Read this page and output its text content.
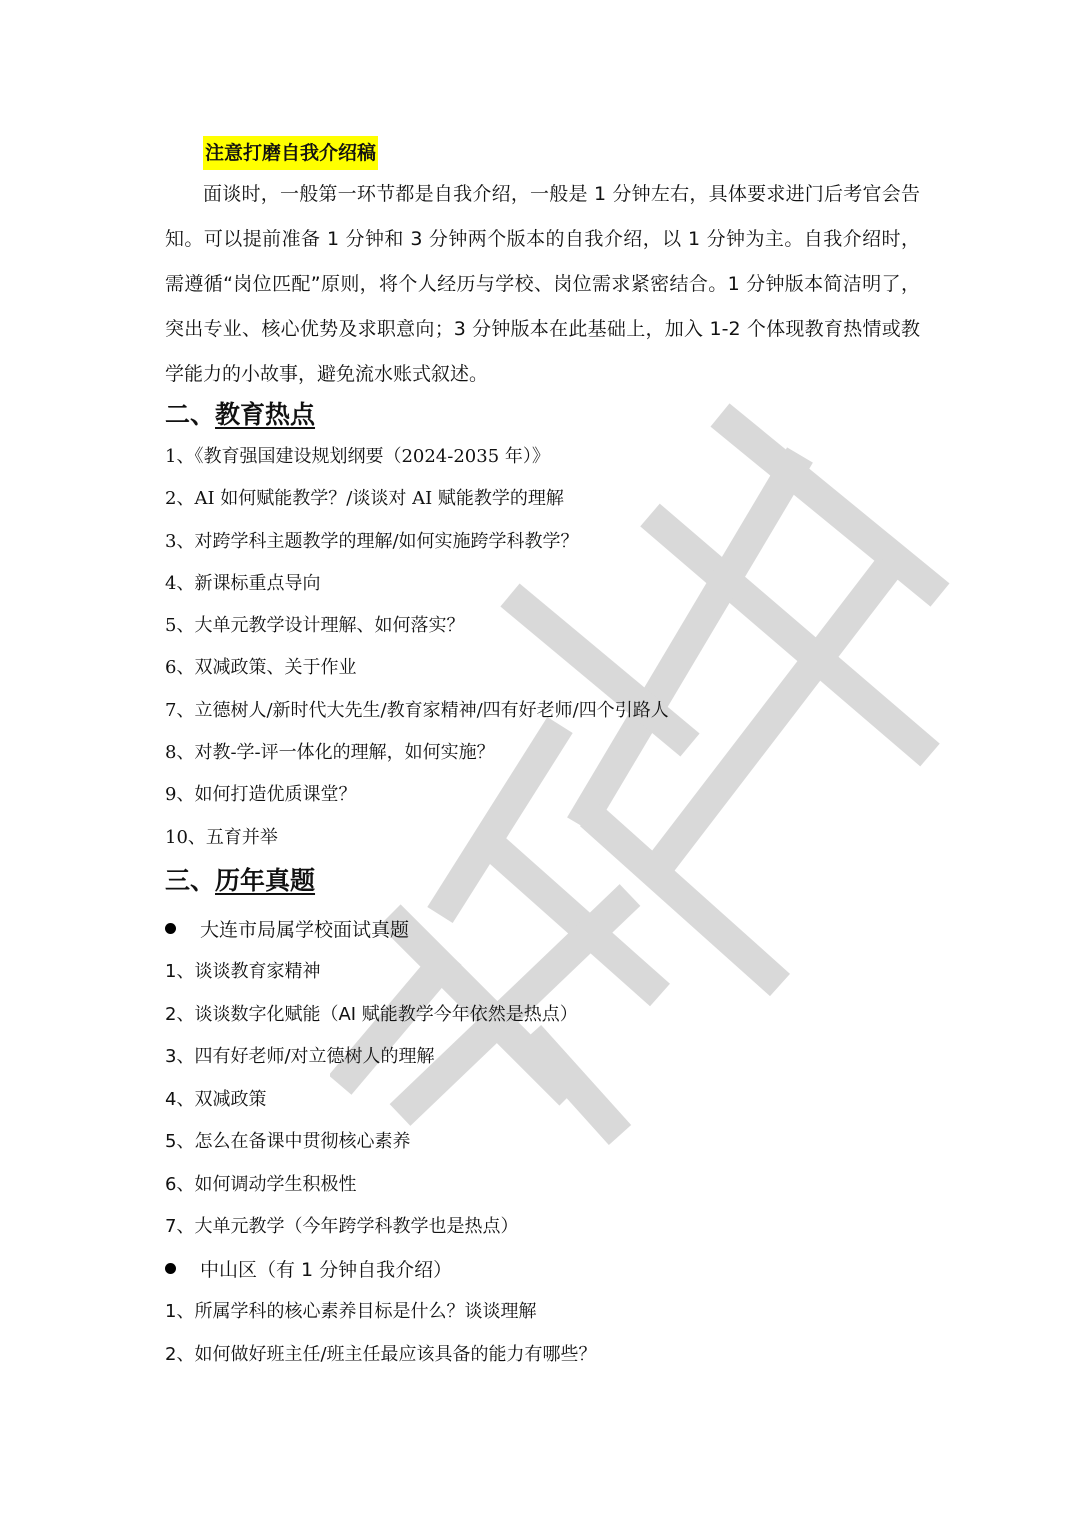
注意打磨自我介绍稿

面谈时，一般第一环节都是自我介绍，一般是 1 分钟左右，具体要求进门后考官会告知。可以提前准备 1 分钟和 3 分钟两个版本的自我介绍，以 1 分钟为主。自我介绍时，需遵循“岗位匹配”原则，将个人经历与学校、岗位需求紧密结合。1 分钟版本简洁明了，突出专业、核心优势及求职意向；3 分钟版本在此基础上，加入 1-2 个体现教育热情或教学能力的小故事，避免流水账式叙述。

二、教育热点
1、《教育强国建设规划纲要（2024-2035 年）》
2、AI 如何赋能教学？/谈谈对 AI 赋能教学的理解
3、对跨学科主题教学的理解/如何实施跨学科教学？
4、新课标重点导向
5、大单元教学设计理解、如何落实？
6、双减政策、关于作业
7、立德树人/新时代大先生/教育家精神/四有好老师/四个引路人
8、对教-学-评一体化的理解，如何实施？
9、如何打造优质课堂？
10、五育并举
三、历年真题
大连市局属学校面试真题
1、谈谈教育家精神
2、谈谈数字化赋能（AI 赋能教学今年依然是热点）
3、四有好老师/对立德树人的理解
4、双减政策
5、怎么在备课中贯彻核心素养
6、如何调动学生积极性
7、大单元教学（今年跨学科教学也是热点）
中山区（有 1 分钟自我介绍）
1、所属学科的核心素养目标是什么？谈谈理解
2、如何做好班主任/班主任最应该具备的能力有哪些？
